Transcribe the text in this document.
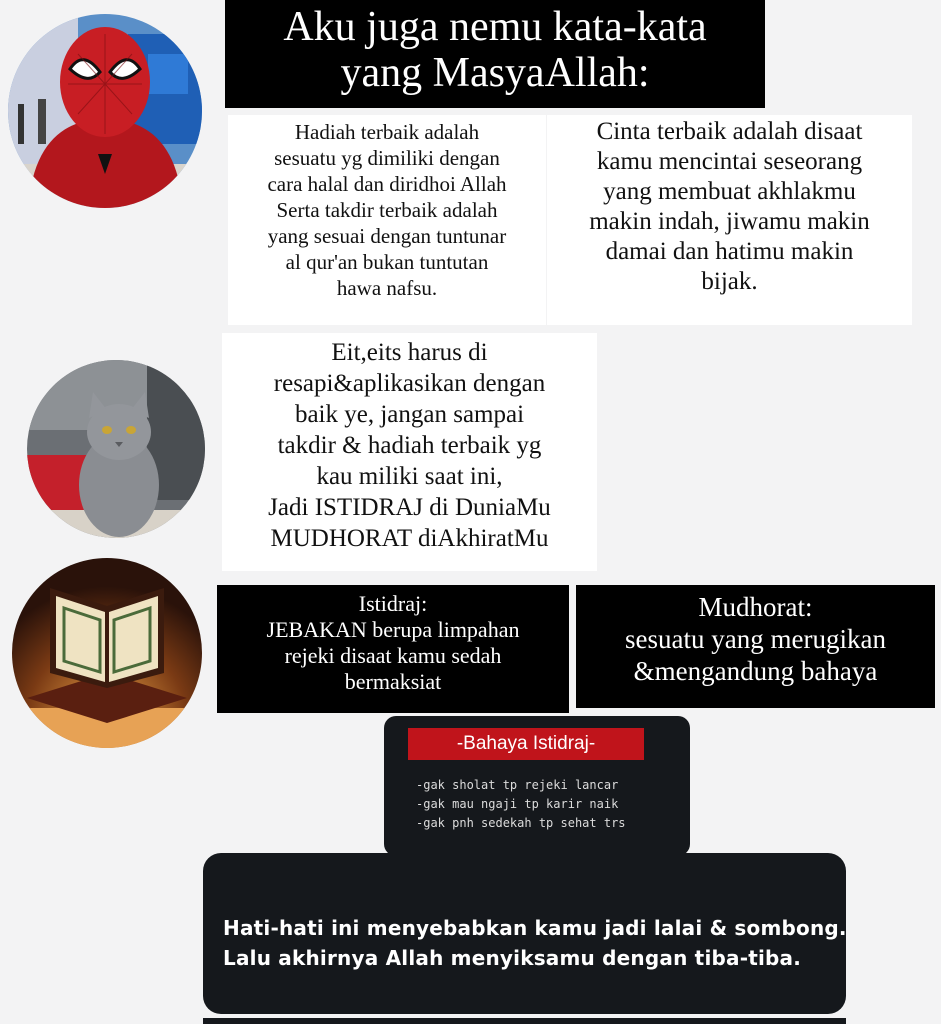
Aku juga nemu kata-kata
yang MasyaAllah:
Hadiah terbaik adalah
sesuatu yg dimiliki dengan
cara halal dan diridhoi Allah
Serta takdir terbaik adalah
yang sesuai dengan tuntunar
al qur'an bukan tuntutan
hawa nafsu.
Cinta terbaik adalah disaat
kamu mencintai seseorang
yang membuat akhlakmu
makin indah, jiwamu makin
damai dan hatimu makin
bijak.
Eit,eits harus di
resapi&aplikasikan dengan
baik ye, jangan sampai
takdir & hadiah terbaik yg
kau miliki saat ini,
Jadi ISTIDRAJ di DuniaMu
MUDHORAT diAkhiratMu
Istidraj:
JEBAKAN berupa limpahan
rejeki disaat kamu sedah
bermaksiat
Mudhorat:
sesuatu yang merugikan
&mengandung bahaya
-Bahaya Istidraj-
-gak sholat tp rejeki lancar
-gak mau ngaji tp karir naik
-gak pnh sedekah tp sehat trs
Hati-hati ini menyebabkan kamu jadi lalai & sombong.
Lalu akhirnya Allah menyiksamu dengan tiba-tiba.
